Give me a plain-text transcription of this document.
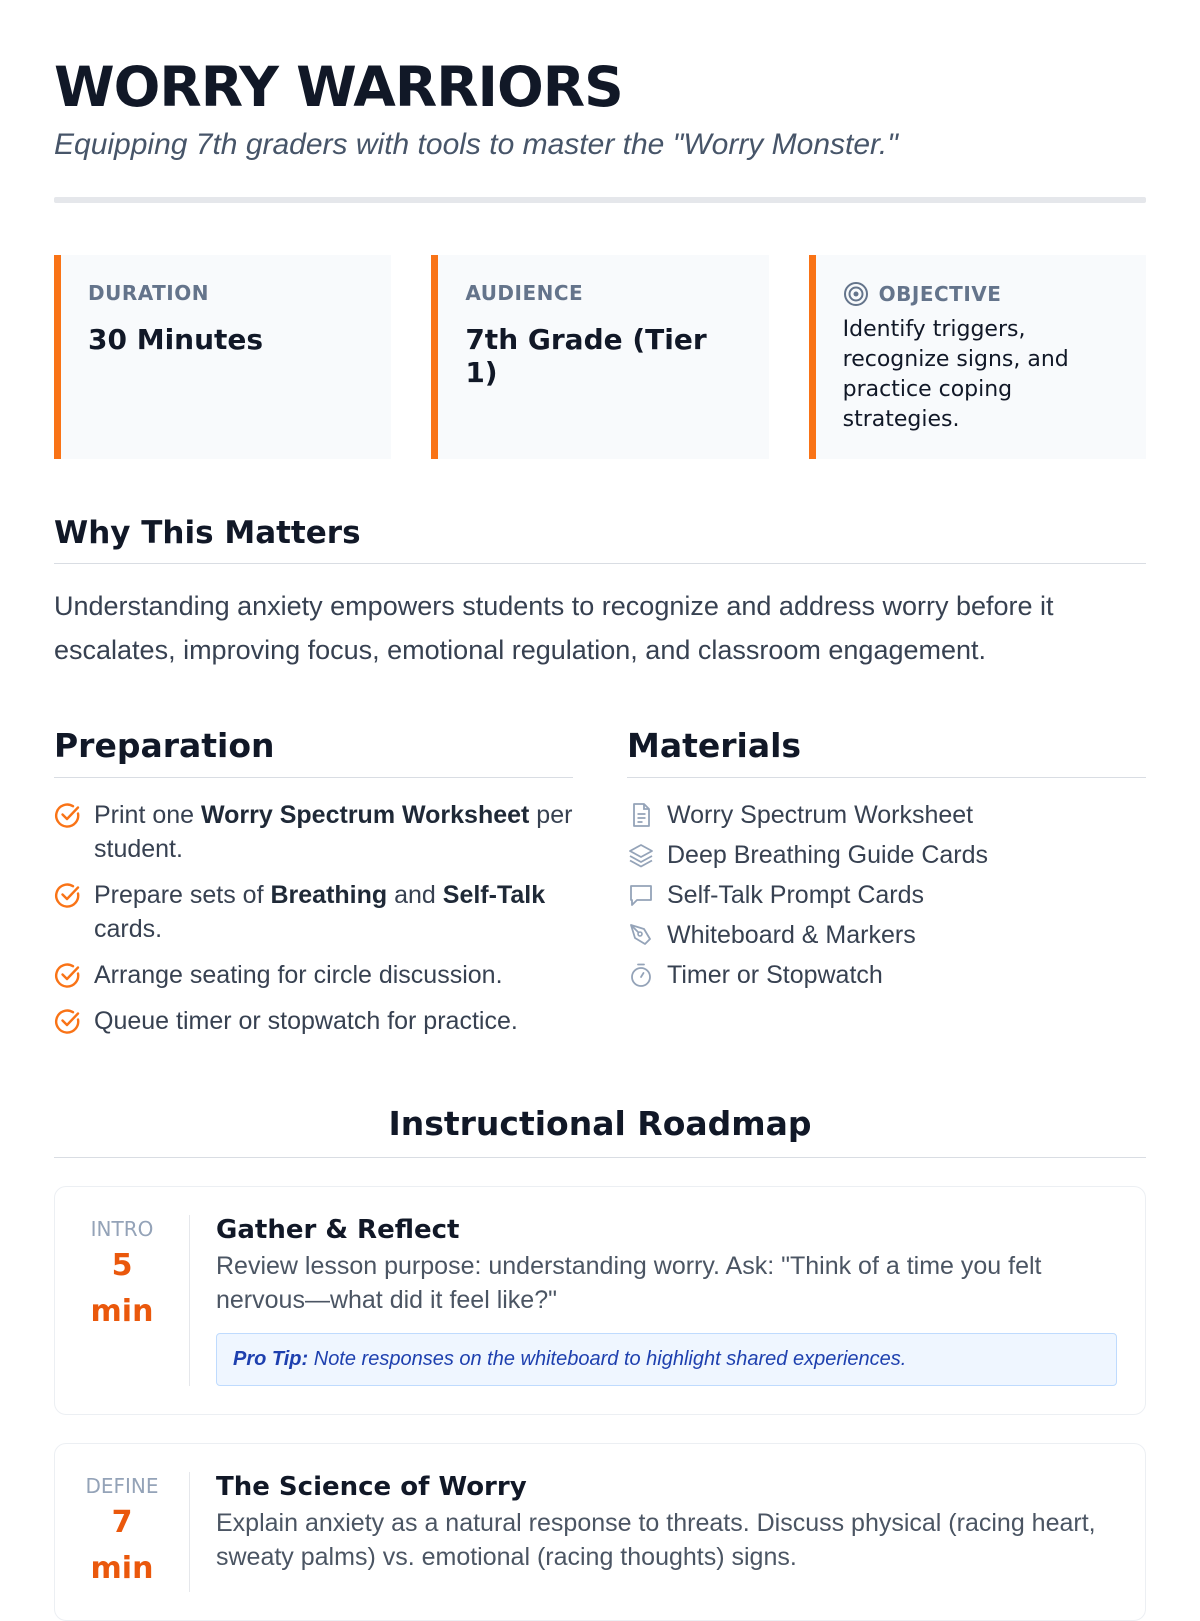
WORRY WARRIORS

Equipping 7th graders with tools to master the "Worry Monster."

DURATION
30 Minutes
AUDIENCE
7th Grade (Tier 1)
OBJECTIVE
Identify triggers, recognize signs, and practice coping strategies.
Why This Matters
Understanding anxiety empowers students to recognize and address worry before it escalates, improving focus, emotional regulation, and classroom engagement.
Preparation
Print one Worry Spectrum Worksheet per student.
Prepare sets of Breathing and Self-Talk cards.
Arrange seating for circle discussion.
Queue timer or stopwatch for practice.
Materials
Worry Spectrum Worksheet
Deep Breathing Guide Cards
Self-Talk Prompt Cards
Whiteboard & Markers
Timer or Stopwatch
Instructional Roadmap
INTRO
5
min
Gather & Reflect
Review lesson purpose: understanding worry. Ask: "Think of a time you felt nervous—what did it feel like?"
Pro Tip: Note responses on the whiteboard to highlight shared experiences.
DEFINE
7
min
The Science of Worry
Explain anxiety as a natural response to threats. Discuss physical (racing heart, sweaty palms) vs. emotional (racing thoughts) signs.
